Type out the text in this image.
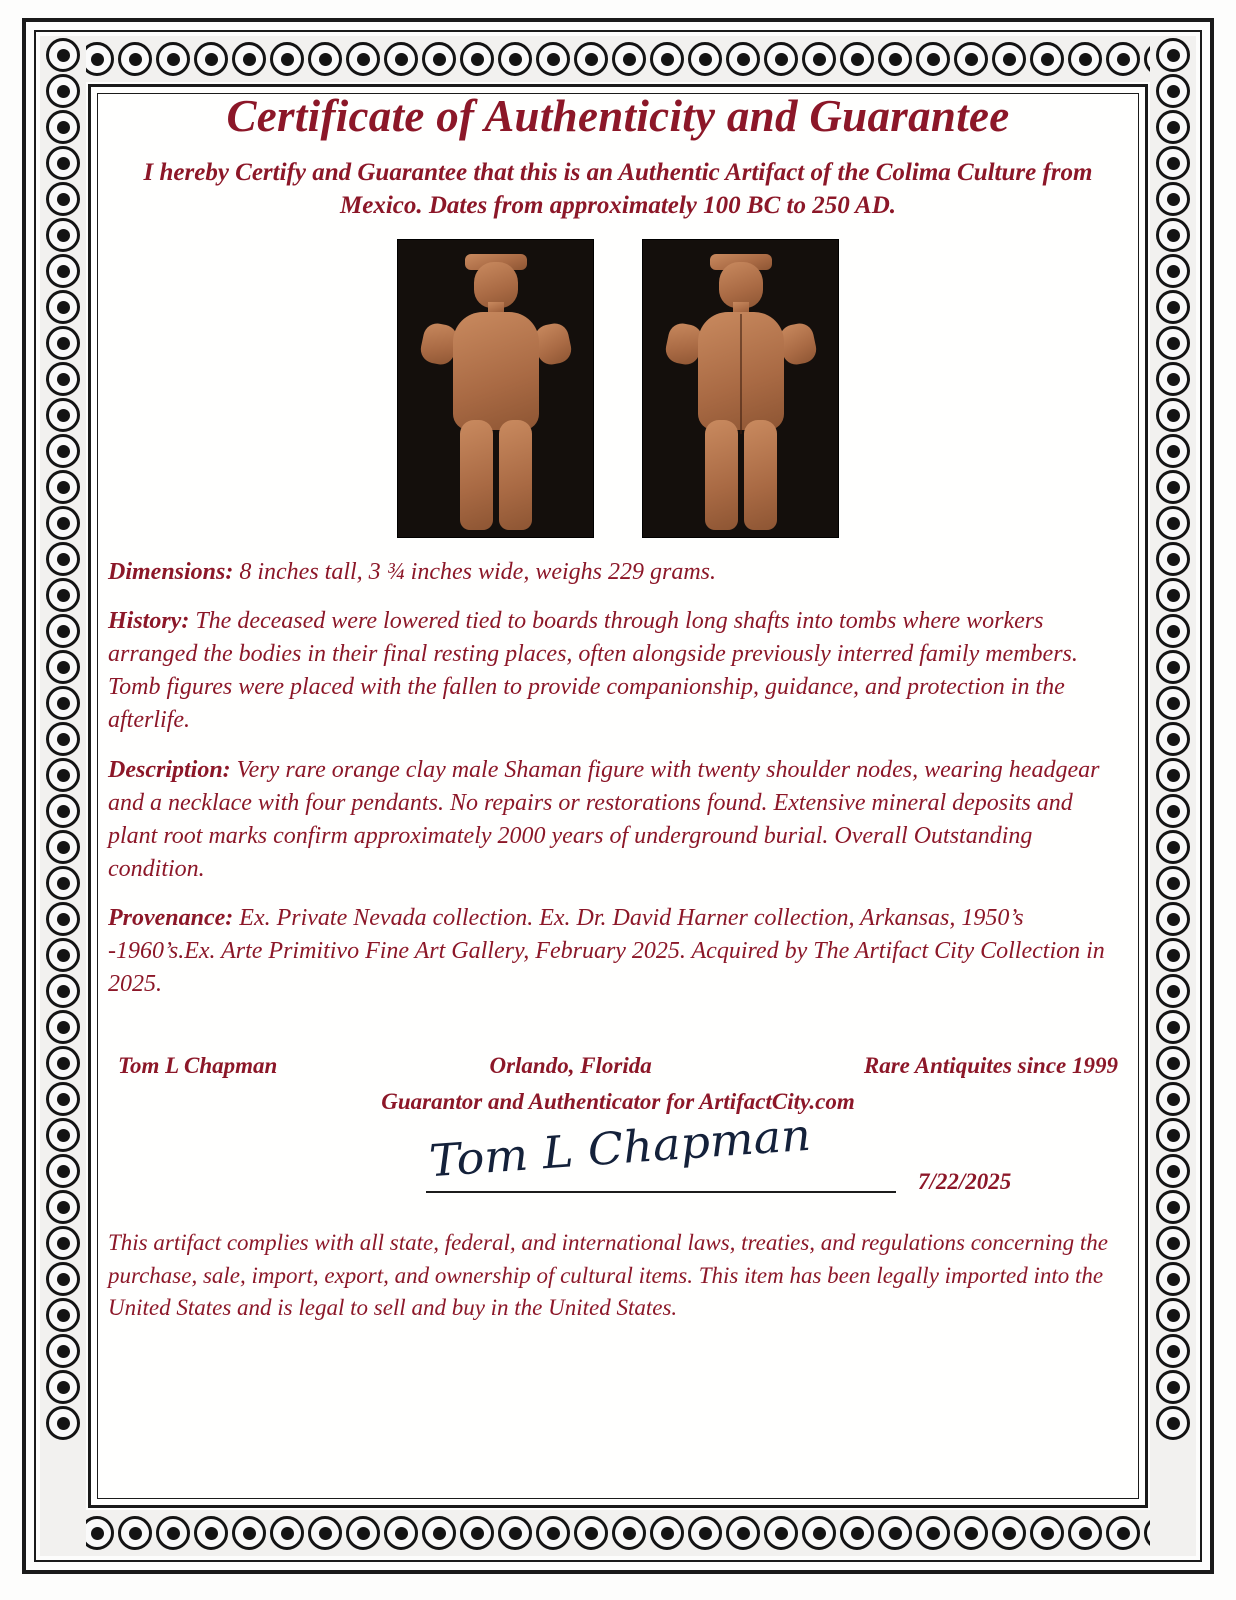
Certificate of Authenticity and Guarantee

I hereby Certify and Guarantee that this is an Authentic Artifact of the Colima Culture from Mexico. Dates from approximately 100 BC to 250 AD.

Dimensions: 8 inches tall, 3 ¾ inches wide, weighs 229 grams.

History: The deceased were lowered tied to boards through long shafts into tombs where workers arranged the bodies in their final resting places, often alongside previously interred family members. Tomb figures were placed with the fallen to provide companionship, guidance, and protection in the afterlife.

Description: Very rare orange clay male Shaman figure with twenty shoulder nodes, wearing headgear and a necklace with four pendants. No repairs or restorations found. Extensive mineral deposits and plant root marks confirm approximately 2000 years of underground burial. Overall Outstanding condition.

Provenance: Ex. Private Nevada collection. Ex. Dr. David Harner collection, Arkansas, 1950’s -1960’s.Ex. Arte Primitivo Fine Art Gallery, February 2025. Acquired by The Artifact City Collection in 2025.

Tom L Chapman	Orlando, Florida	Rare Antiquites since 1999

Guarantor and Authenticator for ArtifactCity.com

Tom L Chapman	7/22/2025

This artifact complies with all state, federal, and international laws, treaties, and regulations concerning the purchase, sale, import, export, and ownership of cultural items. This item has been legally imported into the United States and is legal to sell and buy in the United States.
